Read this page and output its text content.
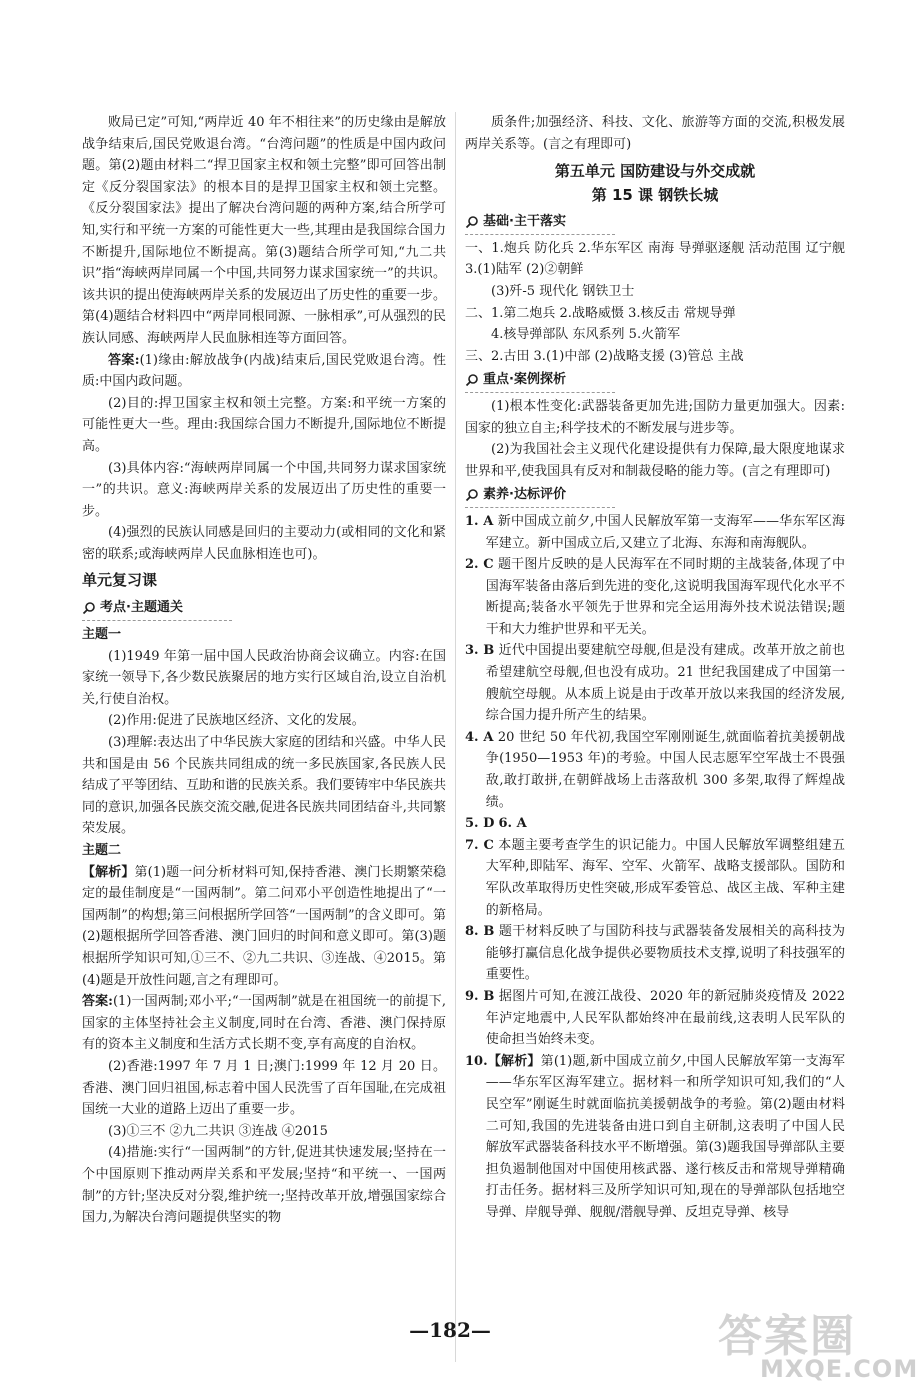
败局已定”可知,“两岸近 40 年不相往来”的历史缘由是解放战争结束后,国民党败退台湾。“台湾问题”的性质是中国内政问题。第(2)题由材料二“捍卫国家主权和领土完整”即可回答出制定《反分裂国家法》的根本目的是捍卫国家主权和领土完整。《反分裂国家法》提出了解决台湾问题的两种方案,结合所学可知,实行和平统一方案的可能性更大一些,其理由是我国综合国力不断提升,国际地位不断提高。第(3)题结合所学可知,“九二共识”指“海峡两岸同属一个中国,共同努力谋求国家统一”的共识。该共识的提出使海峡两岸关系的发展迈出了历史性的重要一步。第(4)题结合材料四中“两岸同根同源、一脉相承”,可从强烈的民族认同感、海峡两岸人民血脉相连等方面回答。

答案:(1)缘由:解放战争(内战)结束后,国民党败退台湾。性质:中国内政问题。

(2)目的:捍卫国家主权和领土完整。方案:和平统一方案的可能性更大一些。理由:我国综合国力不断提升,国际地位不断提高。

(3)具体内容:“海峡两岸同属一个中国,共同努力谋求国家统一”的共识。意义:海峡两岸关系的发展迈出了历史性的重要一步。

(4)强烈的民族认同感是回归的主要动力(或相同的文化和紧密的联系;或海峡两岸人民血脉相连也可)。

单元复习课
考点·主题通关
主题一

(1)1949 年第一届中国人民政治协商会议确立。内容:在国家统一领导下,各少数民族聚居的地方实行区域自治,设立自治机关,行使自治权。

(2)作用:促进了民族地区经济、文化的发展。

(3)理解:表达出了中华民族大家庭的团结和兴盛。中华人民共和国是由 56 个民族共同组成的统一多民族国家,各民族人民结成了平等团结、互助和谐的民族关系。我们要铸牢中华民族共同的意识,加强各民族交流交融,促进各民族共同团结奋斗,共同繁荣发展。

主题二

【解析】第(1)题一问分析材料可知,保持香港、澳门长期繁荣稳定的最佳制度是“一国两制”。第二问邓小平创造性地提出了“一国两制”的构想;第三问根据所学回答“一国两制”的含义即可。第(2)题根据所学回答香港、澳门回归的时间和意义即可。第(3)题根据所学知识可知,①三不、②九二共识、③连战、④2015。第(4)题是开放性问题,言之有理即可。

答案:(1)一国两制;邓小平;“一国两制”就是在祖国统一的前提下,国家的主体坚持社会主义制度,同时在台湾、香港、澳门保持原有的资本主义制度和生活方式长期不变,享有高度的自治权。

(2)香港:1997 年 7 月 1 日;澳门:1999 年 12 月 20 日。香港、澳门回归祖国,标志着中国人民洗雪了百年国耻,在完成祖国统一大业的道路上迈出了重要一步。

(3)①三不 ②九二共识 ③连战 ④2015

(4)措施:实行“一国两制”的方针,促进其快速发展;坚持在一个中国原则下推动两岸关系和平发展;坚持“和平统一、一国两制”的方针;坚决反对分裂,维护统一;坚持改革开放,增强国家综合国力,为解决台湾问题提供坚实的物

质条件;加强经济、科技、文化、旅游等方面的交流,积极发展两岸关系等。(言之有理即可)

第五单元 国防建设与外交成就
第 15 课 钢铁长城
基础·主干落实

一、1.炮兵 防化兵 2.华东军区 南海 导弹驱逐舰 活动范围 辽宁舰 3.(1)陆军 (2)②朝鲜

(3)歼-5 现代化 钢铁卫士

二、1.第二炮兵 2.战略威慑 3.核反击 常规导弹

4.核导弹部队 东风系列 5.火箭军

三、2.古田 3.(1)中部 (2)战略支援 (3)管总 主战

重点·案例探析

(1)根本性变化:武器装备更加先进;国防力量更加强大。因素:国家的独立自主;科学技术的不断发展与进步等。

(2)为我国社会主义现代化建设提供有力保障,最大限度地谋求世界和平,使我国具有反对和制裁侵略的能力等。(言之有理即可)

素养·达标评价

1. A 新中国成立前夕,中国人民解放军第一支海军——华东军区海军建立。新中国成立后,又建立了北海、东海和南海舰队。

2. C 题干图片反映的是人民海军在不同时期的主战装备,体现了中国海军装备由落后到先进的变化,这说明我国海军现代化水平不断提高;装备水平领先于世界和完全运用海外技术说法错误;题干和大力维护世界和平无关。

3. B 近代中国提出要建航空母舰,但是没有建成。改革开放之前也希望建航空母舰,但也没有成功。21 世纪我国建成了中国第一艘航空母舰。从本质上说是由于改革开放以来我国的经济发展,综合国力提升所产生的结果。

4. A 20 世纪 50 年代初,我国空军刚刚诞生,就面临着抗美援朝战争(1950—1953 年)的考验。中国人民志愿军空军战士不畏强敌,敢打敢拼,在朝鲜战场上击落敌机 300 多架,取得了辉煌战绩。

5. D 6. A

7. C 本题主要考查学生的识记能力。中国人民解放军调整组建五大军种,即陆军、海军、空军、火箭军、战略支援部队。国防和军队改革取得历史性突破,形成军委管总、战区主战、军种主建的新格局。

8. B 题干材料反映了与国防科技与武器装备发展相关的高科技为能够打赢信息化战争提供必要物质技术支撑,说明了科技强军的重要性。

9. B 据图片可知,在渡江战役、2020 年的新冠肺炎疫情及 2022 年泸定地震中,人民军队都始终冲在最前线,这表明人民军队的使命担当始终未变。

10.【解析】第(1)题,新中国成立前夕,中国人民解放军第一支海军——华东军区海军建立。据材料一和所学知识可知,我们的“人民空军”刚诞生时就面临抗美援朝战争的考验。第(2)题由材料二可知,我国的先进装备由进口到自主研制,这表明了中国人民解放军武器装备科技水平不断增强。第(3)题我国导弹部队主要担负遏制他国对中国使用核武器、遂行核反击和常规导弹精确打击任务。据材料三及所学知识可知,现在的导弹部队包括地空导弹、岸舰导弹、舰舰/潜舰导弹、反坦克导弹、核导

—182—	答案圈
MXQE.COM
